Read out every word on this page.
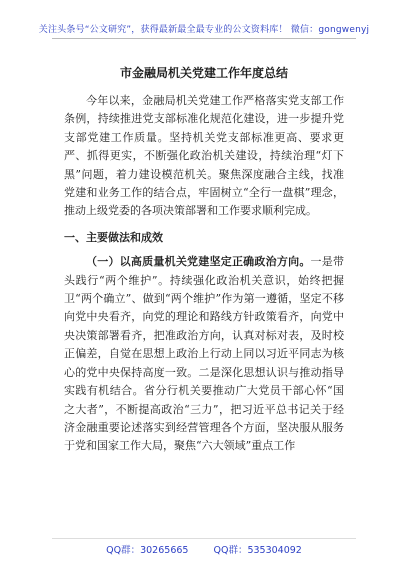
关注头条号“公文研究”，获得最新最全最专业的公文资料库！ 微信：gongwenyj
市金融局机关党建工作年度总结

今年以来，金融局机关党建工作严格落实党支部工作条例，持续推进党支部标准化规范化建设，进一步提升党支部党建工作质量。坚持机关党支部标准更高、要求更严、抓得更实，不断强化政治机关建设，持续治理“灯下黑”问题，着力建设模范机关。聚焦深度融合主线，找准党建和业务工作的结合点，牢固树立“全行一盘棋”理念，推动上级党委的各项决策部署和工作要求顺利完成。

一、主要做法和成效

（一）以高质量机关党建坚定正确政治方向。一是带头践行“两个维护”。持续强化政治机关意识，始终把握卫“两个确立”、做到“两个维护”作为第一遵循，坚定不移向党中央看齐，向党的理论和路线方针政策看齐，向党中央决策部署看齐，把准政治方向，认真对标对表，及时校正偏差，自觉在思想上政治上行动上同以习近平同志为核心的党中央保持高度一致。二是深化思想认识与推动指导实践有机结合。省分行机关要推动广大党员干部心怀“国之大者”，不断提高政治“三力”，把习近平总书记关于经济金融重要论述落实到经营管理各个方面，坚决服从服务于党和国家工作大局，聚焦“六大领域”重点工作

QQ群：30265665	QQ群：535304092
